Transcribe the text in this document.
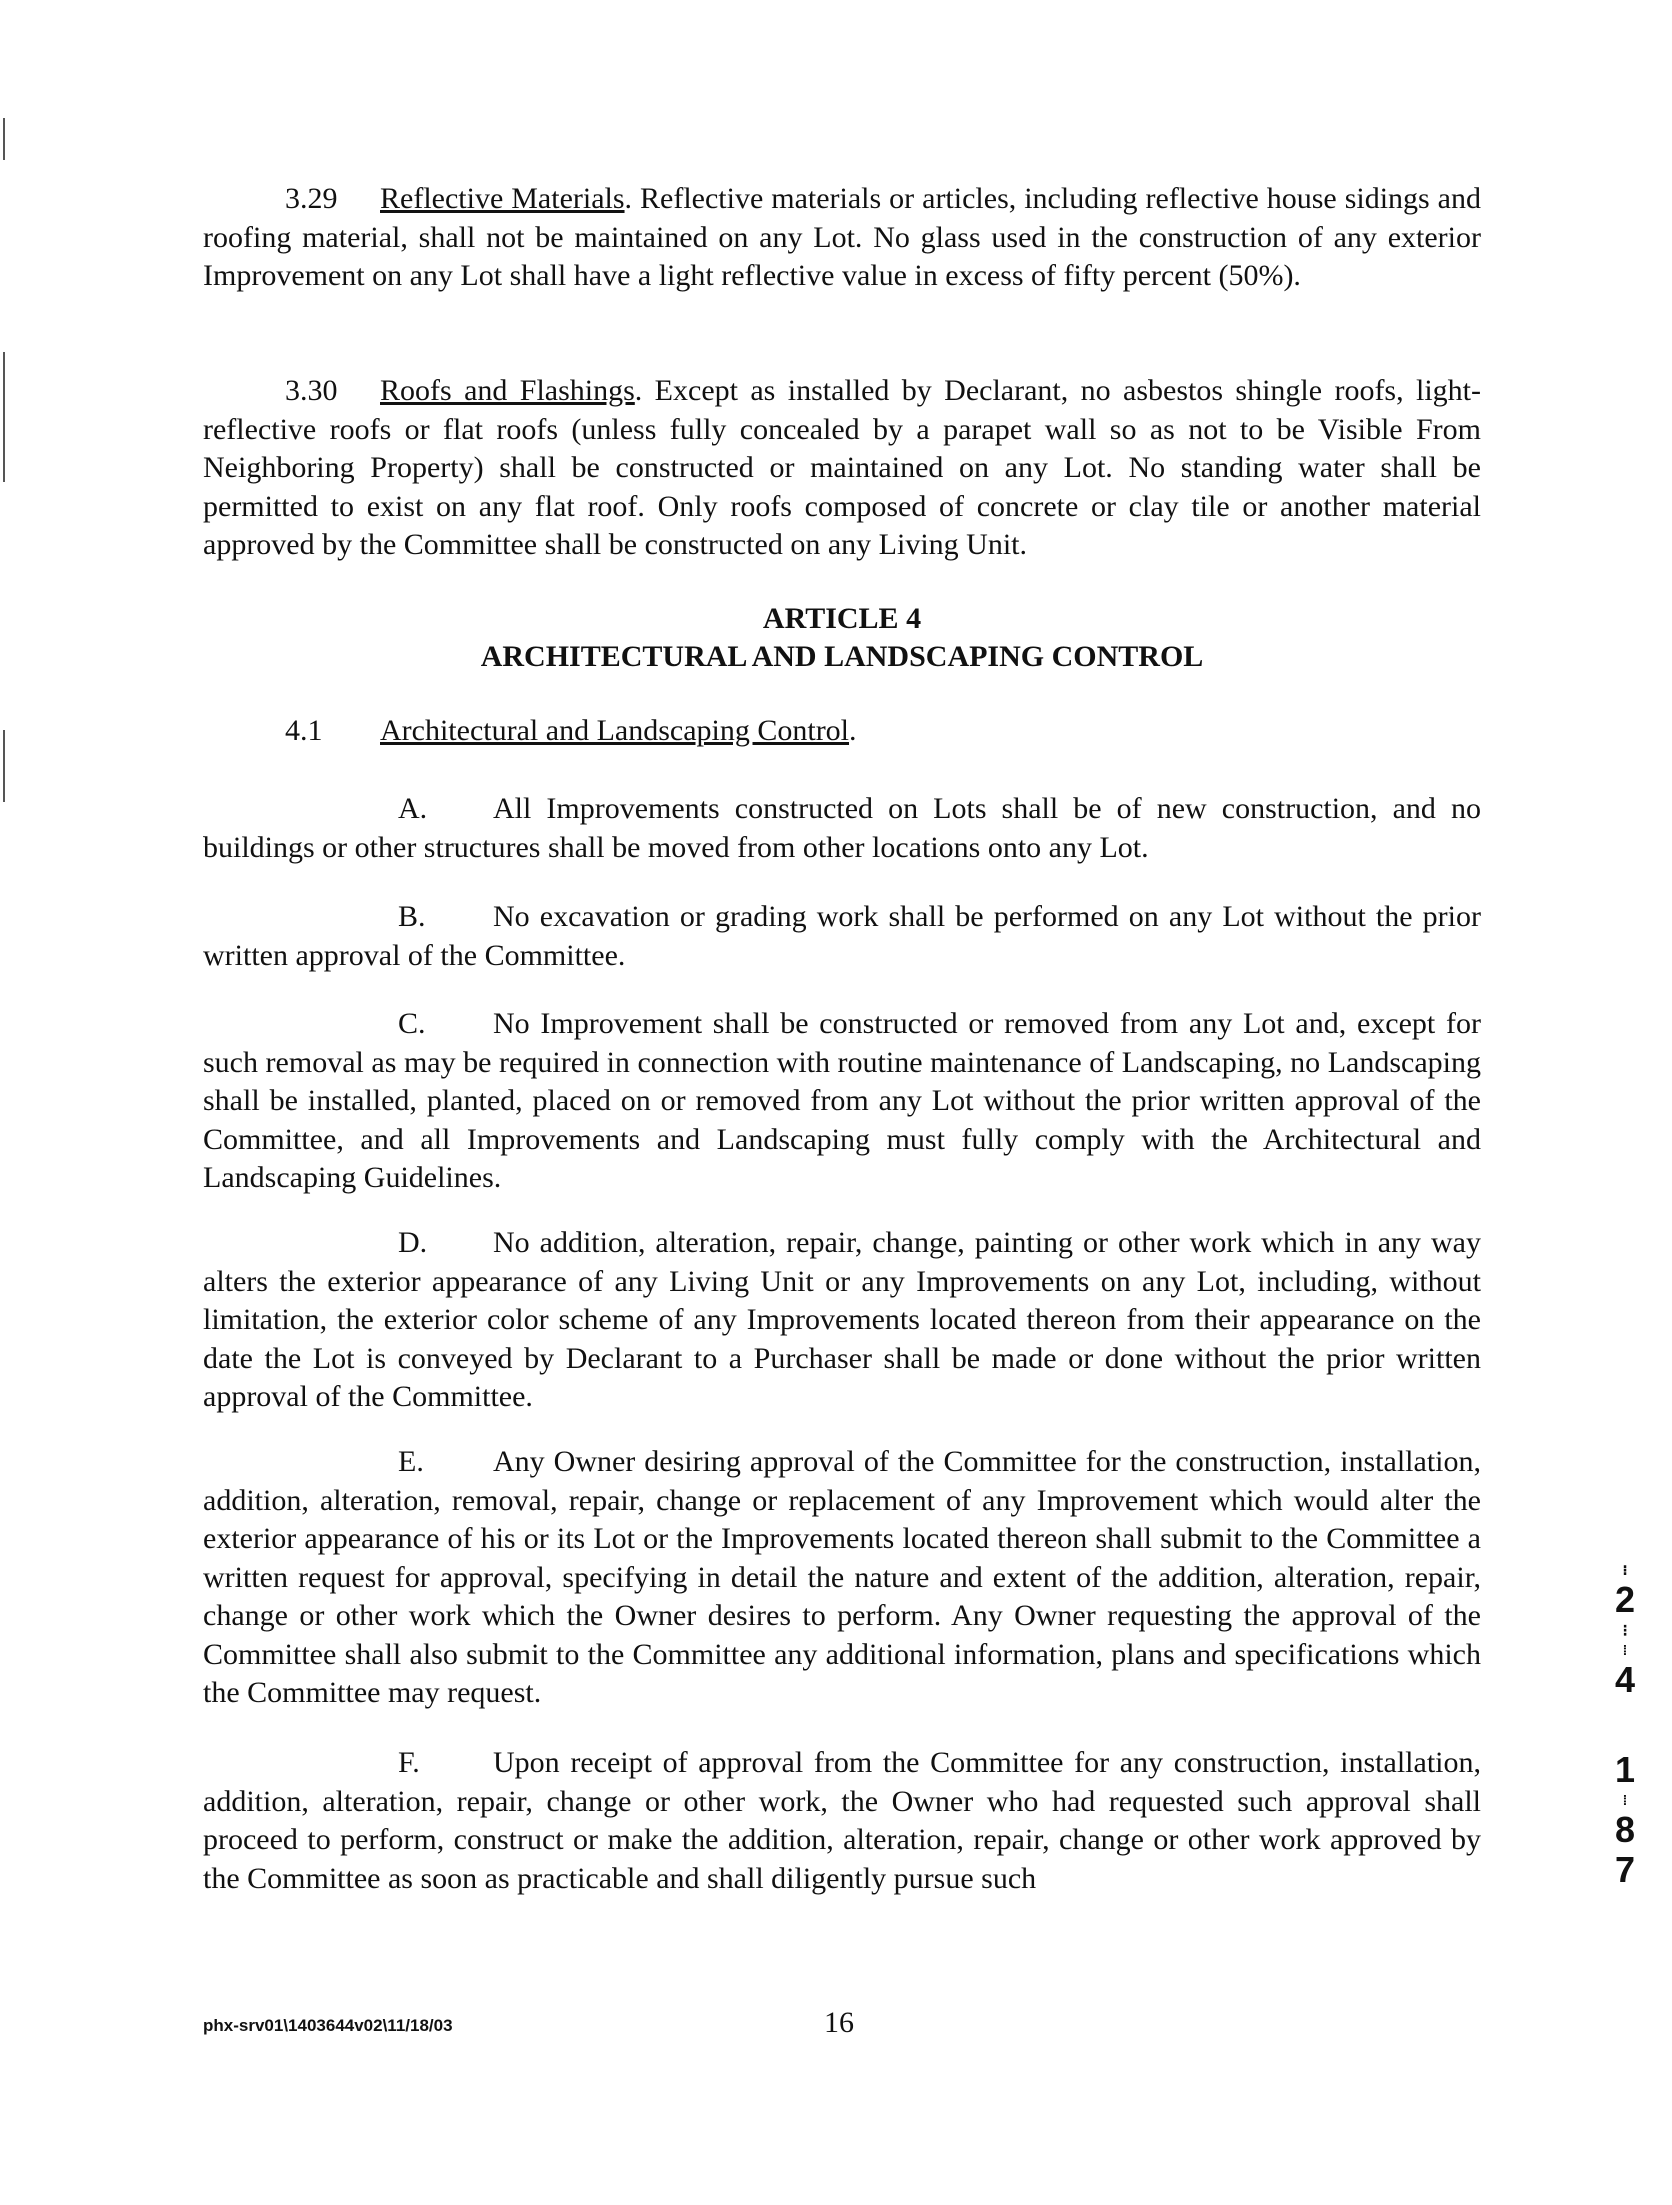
3.29 Reflective Materials. Reflective materials or articles, including reflective house sidings and roofing material, shall not be maintained on any Lot. No glass used in the construction of any exterior Improvement on any Lot shall have a light reflective value in excess of fifty percent (50%).

3.30 Roofs and Flashings. Except as installed by Declarant, no asbestos shingle roofs, light-reflective roofs or flat roofs (unless fully concealed by a parapet wall so as not to be Visible From Neighboring Property) shall be constructed or maintained on any Lot. No standing water shall be permitted to exist on any flat roof. Only roofs composed of concrete or clay tile or another material approved by the Committee shall be constructed on any Living Unit.

ARTICLE 4
ARCHITECTURAL AND LANDSCAPING CONTROL

4.1 Architectural and Landscaping Control.

A. All Improvements constructed on Lots shall be of new construction, and no buildings or other structures shall be moved from other locations onto any Lot.

B. No excavation or grading work shall be performed on any Lot without the prior written approval of the Committee.

C. No Improvement shall be constructed or removed from any Lot and, except for such removal as may be required in connection with routine maintenance of Landscaping, no Landscaping shall be installed, planted, placed on or removed from any Lot without the prior written approval of the Committee, and all Improvements and Landscaping must fully comply with the Architectural and Landscaping Guidelines.

D. No addition, alteration, repair, change, painting or other work which in any way alters the exterior appearance of any Living Unit or any Improvements on any Lot, including, without limitation, the exterior color scheme of any Improvements located thereon from their appearance on the date the Lot is conveyed by Declarant to a Purchaser shall be made or done without the prior written approval of the Committee.

E. Any Owner desiring approval of the Committee for the construction, installation, addition, alteration, removal, repair, change or replacement of any Improvement which would alter the exterior appearance of his or its Lot or the Improvements located thereon shall submit to the Committee a written request for approval, specifying in detail the nature and extent of the addition, alteration, repair, change or other work which the Owner desires to perform. Any Owner requesting the approval of the Committee shall also submit to the Committee any additional information, plans and specifications which the Committee may request.

F. Upon receipt of approval from the Committee for any construction, installation, addition, alteration, repair, change or other work, the Owner who had requested such approval shall proceed to perform, construct or make the addition, alteration, repair, change or other work approved by the Committee as soon as practicable and shall diligently pursue such

⁝
2
⋮
⁞
4
1
⁞
8
7
phx-srv01\1403644v02\11/18/03	16
